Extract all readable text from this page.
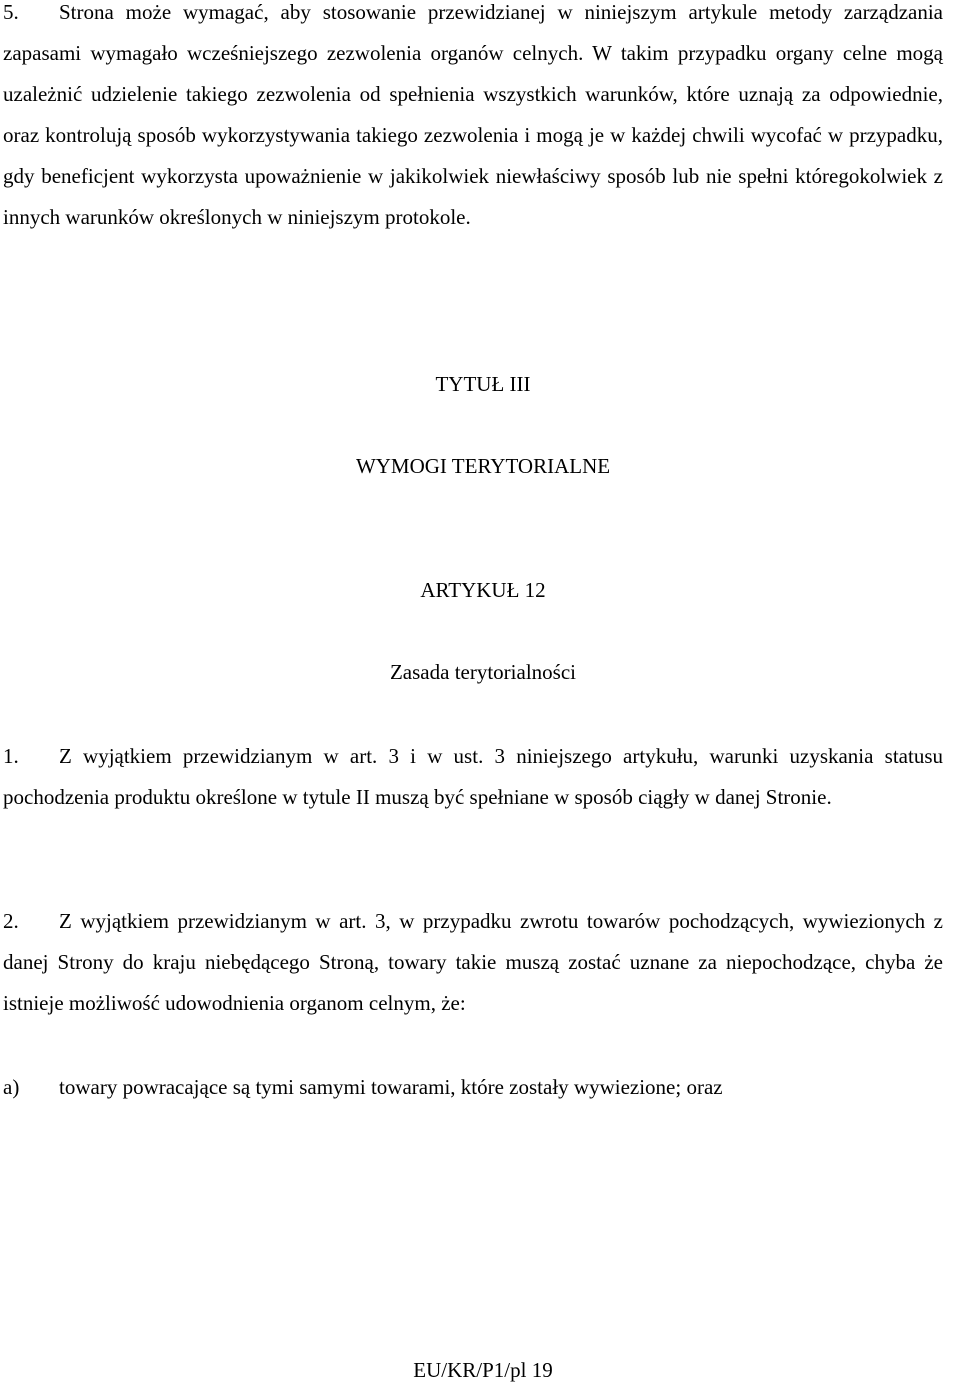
5. Strona może wymagać, aby stosowanie przewidzianej w niniejszym artykule metody zarządzania zapasami wymagało wcześniejszego zezwolenia organów celnych. W takim przypadku organy celne mogą uzależnić udzielenie takiego zezwolenia od spełnienia wszystkich warunków, które uznają za odpowiednie, oraz kontrolują sposób wykorzystywania takiego zezwolenia i mogą je w każdej chwili wycofać w przypadku, gdy beneficjent wykorzysta upoważnienie w jakikolwiek niewłaściwy sposób lub nie spełni któregokolwiek z innych warunków określonych w niniejszym protokole.

TYTUŁ III
WYMOGI TERYTORIALNE
ARTYKUŁ 12
Zasada terytorialności

1. Z wyjątkiem przewidzianym w art. 3 i w ust. 3 niniejszego artykułu, warunki uzyskania statusu pochodzenia produktu określone w tytule II muszą być spełniane w sposób ciągły w danej Stronie.

2. Z wyjątkiem przewidzianym w art. 3, w przypadku zwrotu towarów pochodzących, wywiezionych z danej Strony do kraju niebędącego Stroną, towary takie muszą zostać uznane za niepochodzące, chyba że istnieje możliwość udowodnienia organom celnym, że:

a) towary powracające są tymi samymi towarami, które zostały wywiezione; oraz

EU/KR/P1/pl 19
